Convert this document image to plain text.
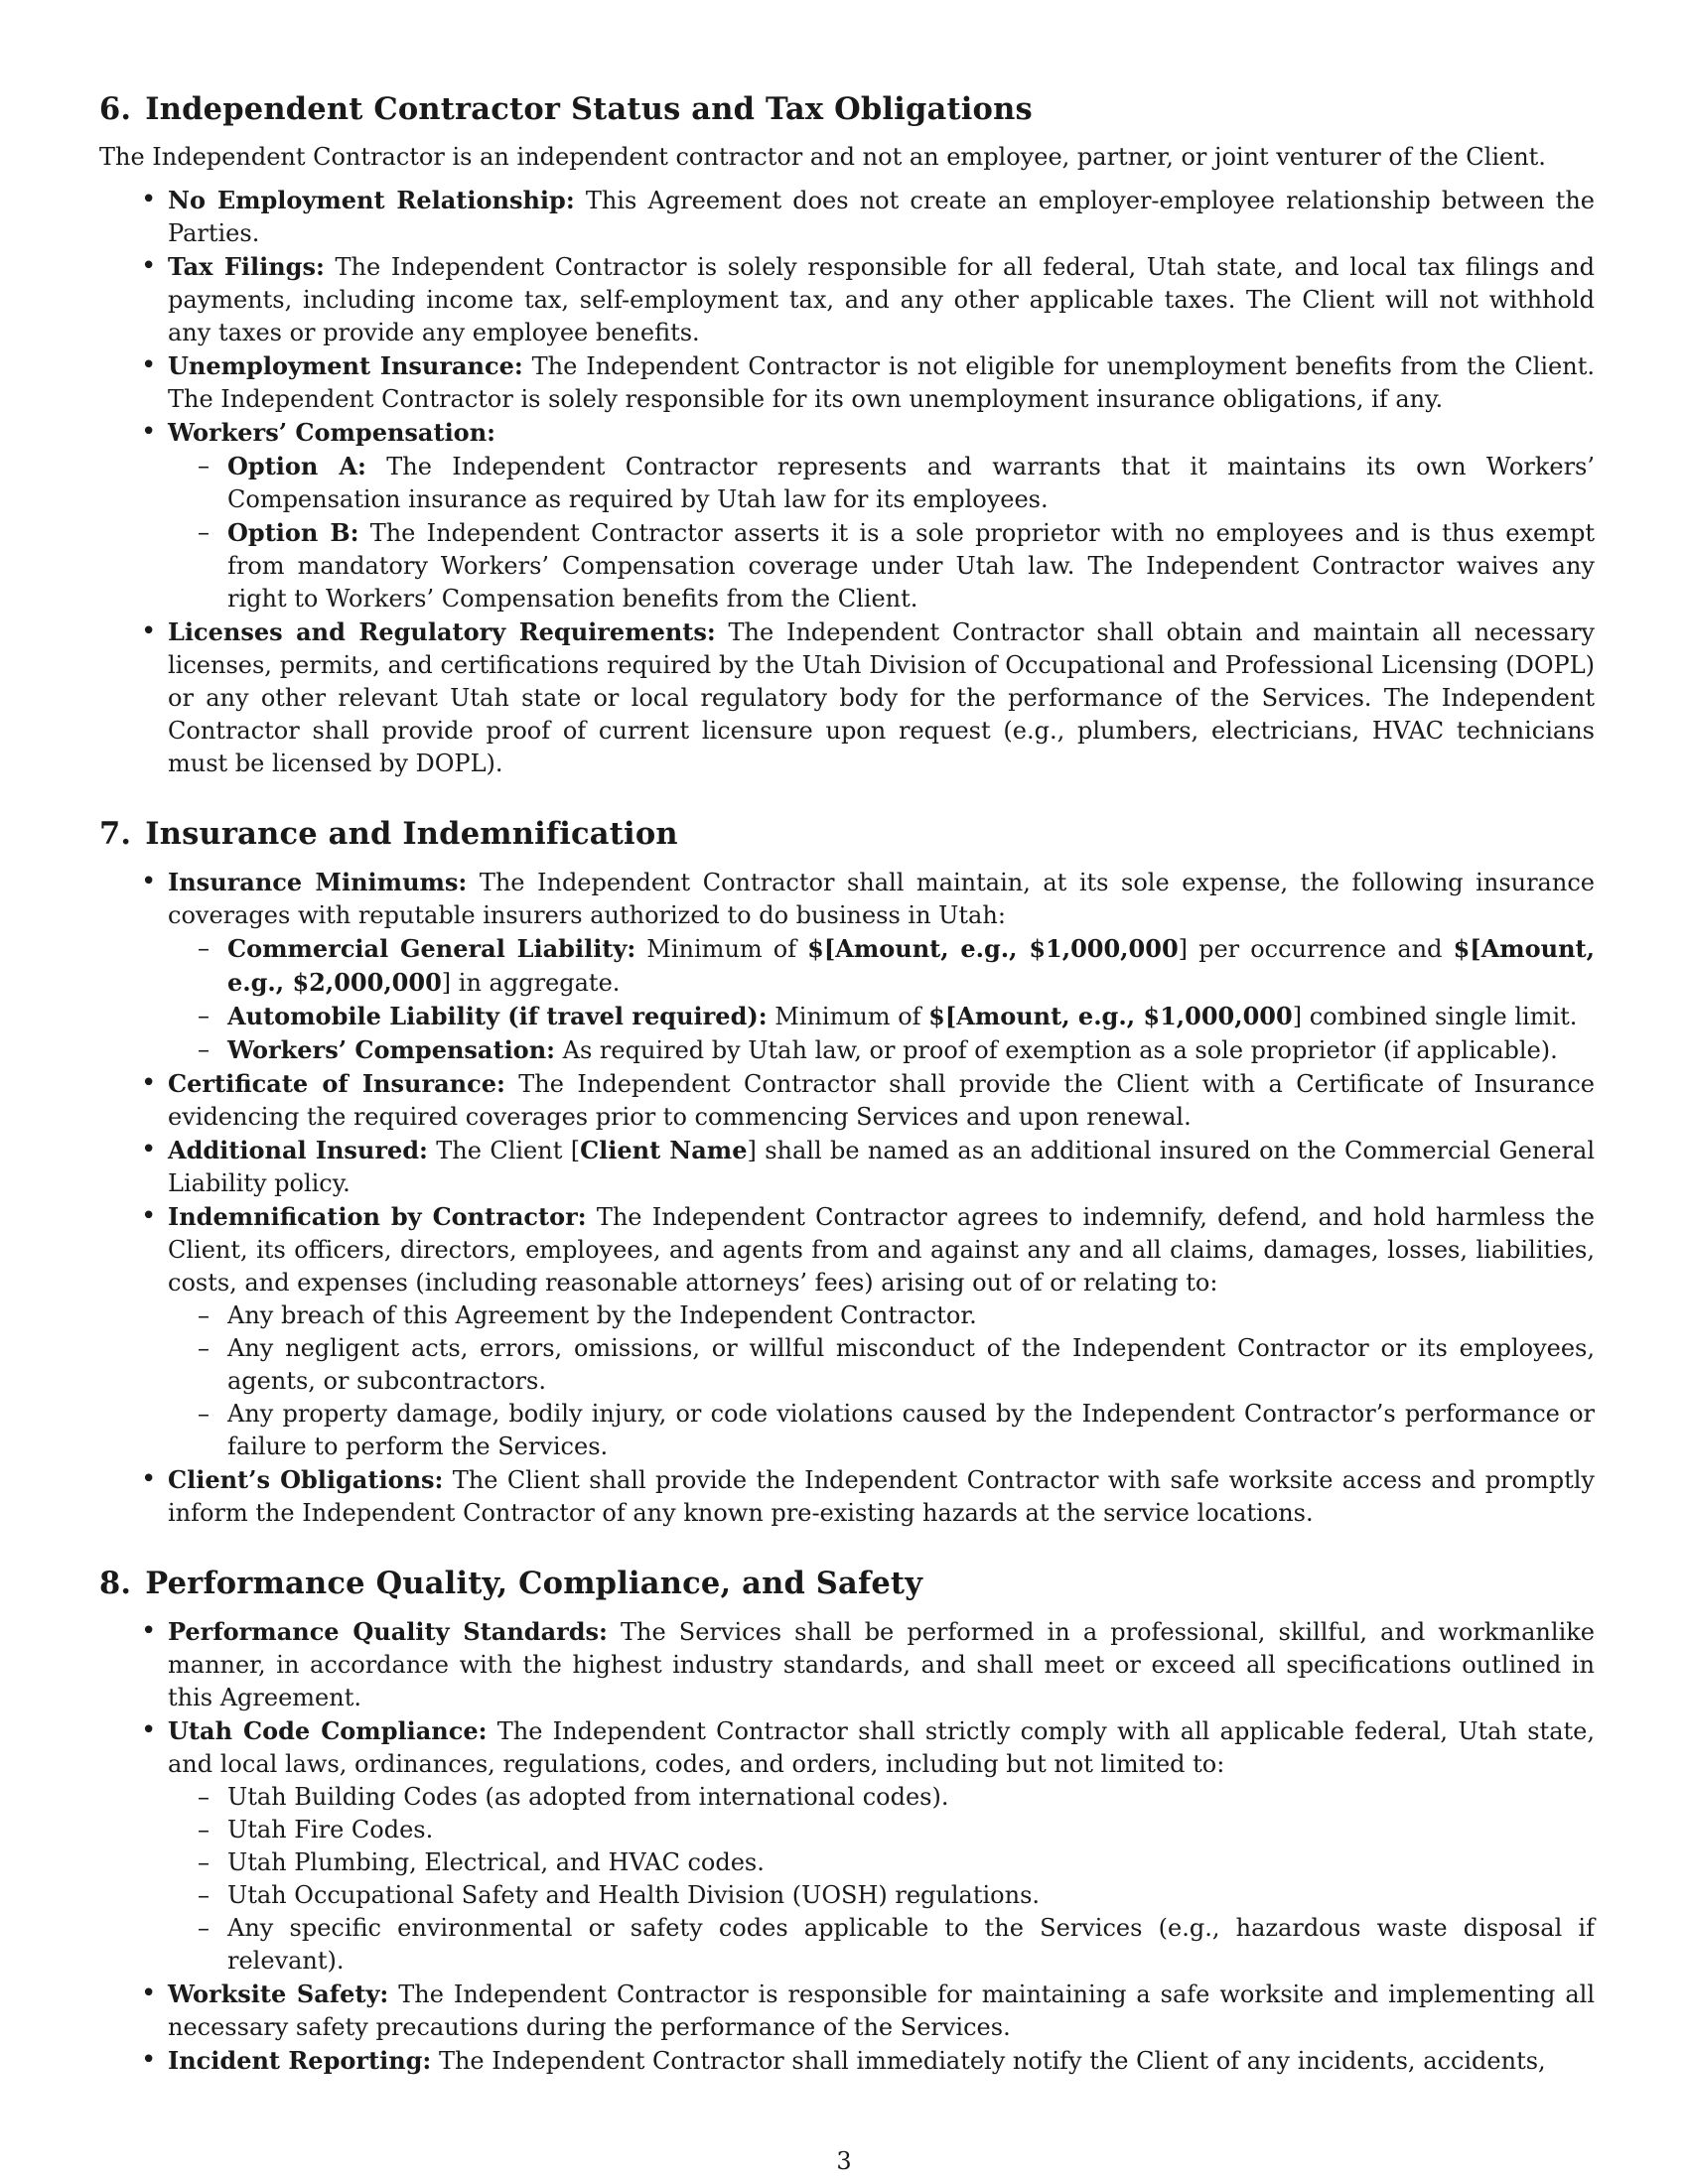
6. Independent Contractor Status and Tax Obligations

The Independent Contractor is an independent contractor and not an employee, partner, or joint venturer of the Client.

• No Employment Relationship: This Agreement does not create an employer-employee relationship between the Parties.
• Tax Filings: The Independent Contractor is solely responsible for all federal, Utah state, and local tax filings and payments, including income tax, self-employment tax, and any other applicable taxes. The Client will not withhold any taxes or provide any employee benefits.
• Unemployment Insurance: The Independent Contractor is not eligible for unemployment benefits from the Client. The Independent Contractor is solely responsible for its own unemployment insurance obligations, if any.
• Workers’ Compensation:
– Option A: The Independent Contractor represents and warrants that it maintains its own Workers’ Compensation insurance as required by Utah law for its employees.
– Option B: The Independent Contractor asserts it is a sole proprietor with no employees and is thus exempt from mandatory Workers’ Compensation coverage under Utah law. The Independent Contractor waives any right to Workers’ Compensation benefits from the Client.
• Licenses and Regulatory Requirements: The Independent Contractor shall obtain and maintain all necessary licenses, permits, and certifications required by the Utah Division of Occupational and Professional Licensing (DOPL) or any other relevant Utah state or local regulatory body for the performance of the Services. The Independent Contractor shall provide proof of current licensure upon request (e.g., plumbers, electricians, HVAC technicians must be licensed by DOPL).
7. Insurance and Indemnification
• Insurance Minimums: The Independent Contractor shall maintain, at its sole expense, the following insurance coverages with reputable insurers authorized to do business in Utah:
– Commercial General Liability: Minimum of $[Amount, e.g., $1,000,000] per occurrence and $[Amount, e.g., $2,000,000] in aggregate.
– Automobile Liability (if travel required): Minimum of $[Amount, e.g., $1,000,000] combined single limit.
– Workers’ Compensation: As required by Utah law, or proof of exemption as a sole proprietor (if applicable).
• Certificate of Insurance: The Independent Contractor shall provide the Client with a Certificate of Insurance evidencing the required coverages prior to commencing Services and upon renewal.
• Additional Insured: The Client [Client Name] shall be named as an additional insured on the Commercial General Liability policy.
• Indemnification by Contractor: The Independent Contractor agrees to indemnify, defend, and hold harmless the Client, its officers, directors, employees, and agents from and against any and all claims, damages, losses, liabilities, costs, and expenses (including reasonable attorneys’ fees) arising out of or relating to:
– Any breach of this Agreement by the Independent Contractor.
– Any negligent acts, errors, omissions, or willful misconduct of the Independent Contractor or its employees, agents, or subcontractors.
– Any property damage, bodily injury, or code violations caused by the Independent Contractor’s performance or failure to perform the Services.
• Client’s Obligations: The Client shall provide the Independent Contractor with safe worksite access and promptly inform the Independent Contractor of any known pre-existing hazards at the service locations.
8. Performance Quality, Compliance, and Safety
• Performance Quality Standards: The Services shall be performed in a professional, skillful, and workmanlike manner, in accordance with the highest industry standards, and shall meet or exceed all specifications outlined in this Agreement.
• Utah Code Compliance: The Independent Contractor shall strictly comply with all applicable federal, Utah state, and local laws, ordinances, regulations, codes, and orders, including but not limited to:
– Utah Building Codes (as adopted from international codes).
– Utah Fire Codes.
– Utah Plumbing, Electrical, and HVAC codes.
– Utah Occupational Safety and Health Division (UOSH) regulations.
– Any specific environmental or safety codes applicable to the Services (e.g., hazardous waste disposal if relevant).
• Worksite Safety: The Independent Contractor is responsible for maintaining a safe worksite and implementing all necessary safety precautions during the performance of the Services.
• Incident Reporting: The Independent Contractor shall immediately notify the Client of any incidents, accidents,
3
